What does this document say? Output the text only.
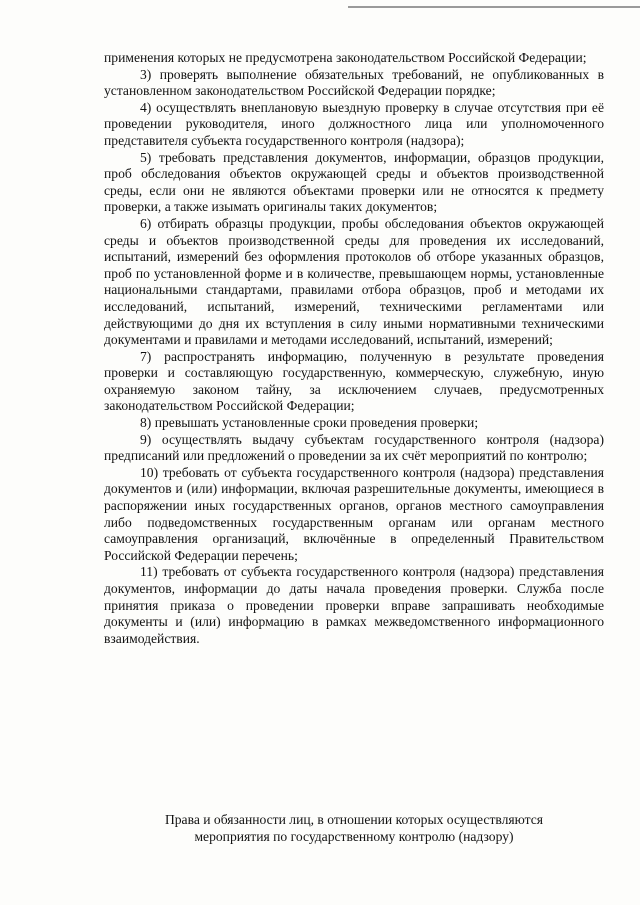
применения которых не предусмотрена законодательством Российской Федерации;

3) проверять выполнение обязательных требований, не опубликованных в установленном законодательством Российской Федерации порядке;

4) осуществлять внеплановую выездную проверку в случае отсутствия при её проведении руководителя, иного должностного лица или уполномоченного представителя субъекта государственного контроля (надзора);

5) требовать представления документов, информации, образцов продукции, проб обследования объектов окружающей среды и объектов производственной среды, если они не являются объектами проверки или не относятся к предмету проверки, а также изымать оригиналы таких документов;

6) отбирать образцы продукции, пробы обследования объектов окружающей среды и объектов производственной среды для проведения их исследований, испытаний, измерений без оформления протоколов об отборе указанных образцов, проб по установленной форме и в количестве, превышающем нормы, установленные национальными стандартами, правилами отбора образцов, проб и методами их исследований, испытаний, измерений, техническими регламентами или действующими до дня их вступления в силу иными нормативными техническими документами и правилами и методами исследований, испытаний, измерений;

7) распространять информацию, полученную в результате проведения проверки и составляющую государственную, коммерческую, служебную, иную охраняемую законом тайну, за исключением случаев, предусмотренных законодательством Российской Федерации;

8) превышать установленные сроки проведения проверки;

9) осуществлять выдачу субъектам государственного контроля (надзора) предписаний или предложений о проведении за их счёт мероприятий по контролю;

10) требовать от субъекта государственного контроля (надзора) представления документов и (или) информации, включая разрешительные документы, имеющиеся в распоряжении иных государственных органов, органов местного самоуправления либо подведомственных государственным органам или органам местного самоуправления организаций, включённые в определенный Правительством Российской Федерации перечень;

11) требовать от субъекта государственного контроля (надзора) представления документов, информации до даты начала проведения проверки. Служба после принятия приказа о проведении проверки вправе запрашивать необходимые документы и (или) информацию в рамках межведомственного информационного взаимодействия.

Права и обязанности лиц, в отношении которых осуществляются
мероприятия по государственному контролю (надзору)
